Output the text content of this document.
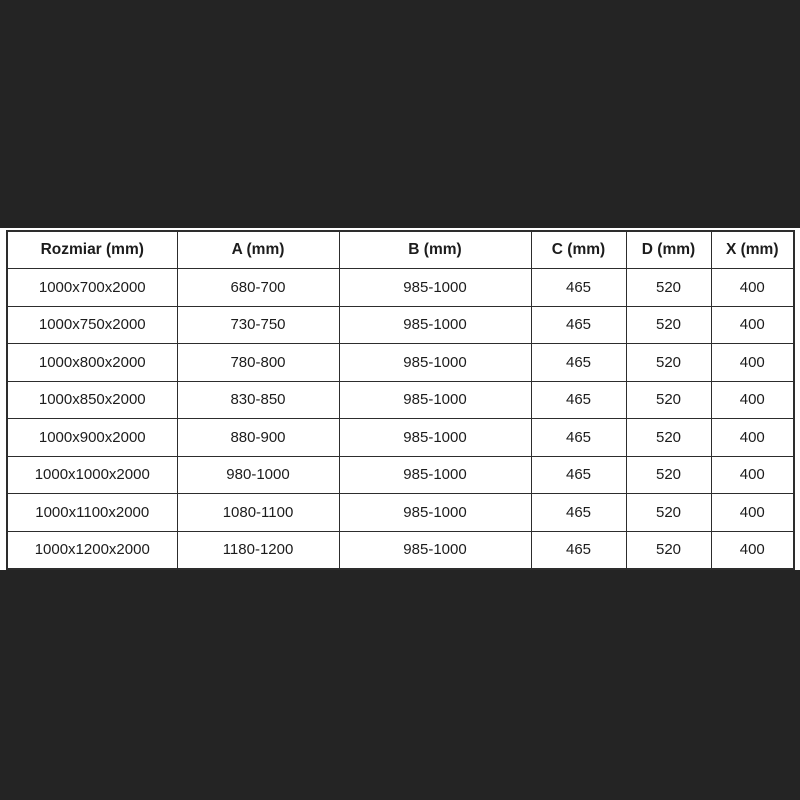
Rozmiar (mm)	A (mm)	B (mm)	C (mm)	D (mm)	X (mm)
1000x700x2000	680-700	985-1000	465	520	400
1000x750x2000	730-750	985-1000	465	520	400
1000x800x2000	780-800	985-1000	465	520	400
1000x850x2000	830-850	985-1000	465	520	400
1000x900x2000	880-900	985-1000	465	520	400
1000x1000x2000	980-1000	985-1000	465	520	400
1000x1100x2000	1080-1100	985-1000	465	520	400
1000x1200x2000	1180-1200	985-1000	465	520	400
